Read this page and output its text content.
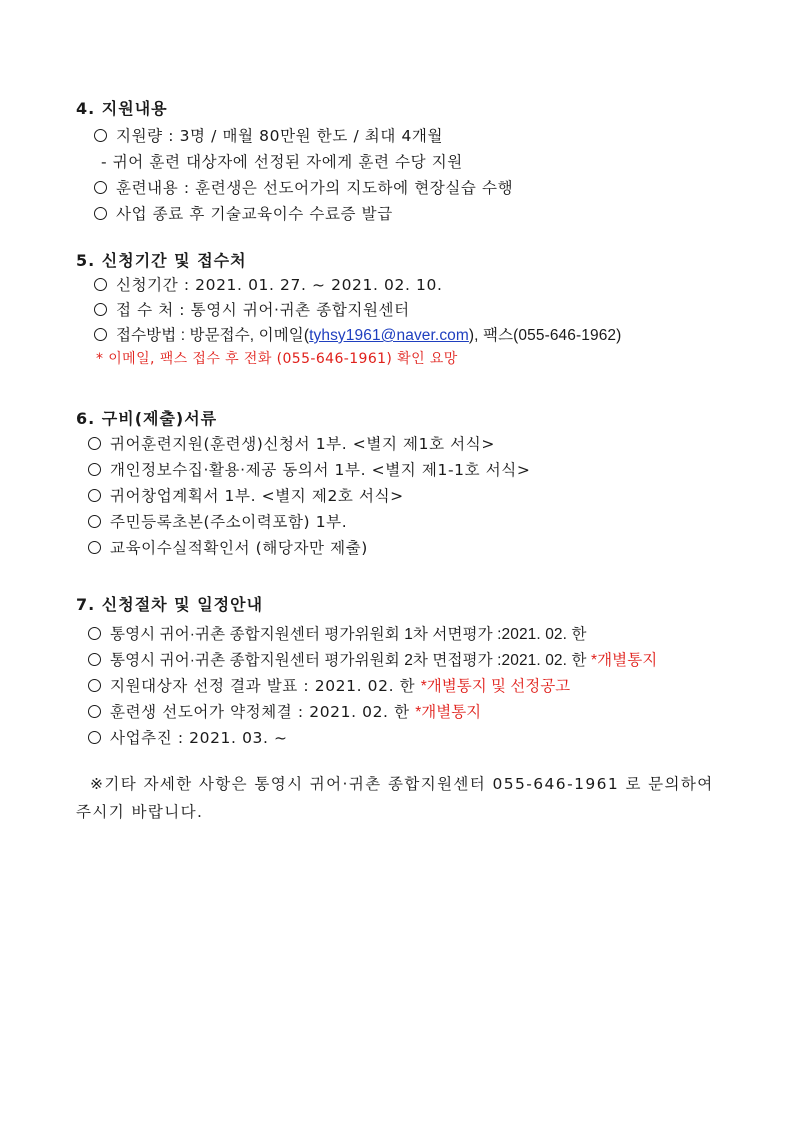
4. 지원내용
지원량 : 3명 / 매월 80만원 한도 / 최대 4개월
- 귀어 훈련 대상자에 선정된 자에게 훈련 수당 지원
훈련내용 : 훈련생은 선도어가의 지도하에 현장실습 수행
사업 종료 후 기술교육이수 수료증 발급
5. 신청기간 및 접수처
신청기간 : 2021. 01. 27. ~ 2021. 02. 10.
접 수 처 : 통영시 귀어·귀촌 종합지원센터
접수방법 : 방문접수, 이메일(tyhsy1961@naver.com), 팩스(055-646-1962)
* 이메일, 팩스 접수 후 전화 (055-646-1961) 확인 요망
6. 구비(제출)서류
귀어훈련지원(훈련생)신청서 1부. <별지 제1호 서식>
개인정보수집·활용·제공 동의서 1부. <별지 제1-1호 서식>
귀어창업계획서 1부. <별지 제2호 서식>
주민등록초본(주소이력포함) 1부.
교육이수실적확인서 (해당자만 제출)
7. 신청절차 및 일정안내
통영시 귀어·귀촌 종합지원센터 평가위원회 1차 서면평가 :2021. 02. 한
통영시 귀어·귀촌 종합지원센터 평가위원회 2차 면접평가 :2021. 02. 한 *개별통지
지원대상자 선정 결과 발표 : 2021. 02. 한 *개별통지 및 선정공고
훈련생 선도어가 약정체결 : 2021. 02. 한 *개별통지
사업추진 : 2021. 03. ~
※기타 자세한 사항은 통영시 귀어·귀촌 종합지원센터 055-646-1961 로 문의하여 주시기 바랍니다.
